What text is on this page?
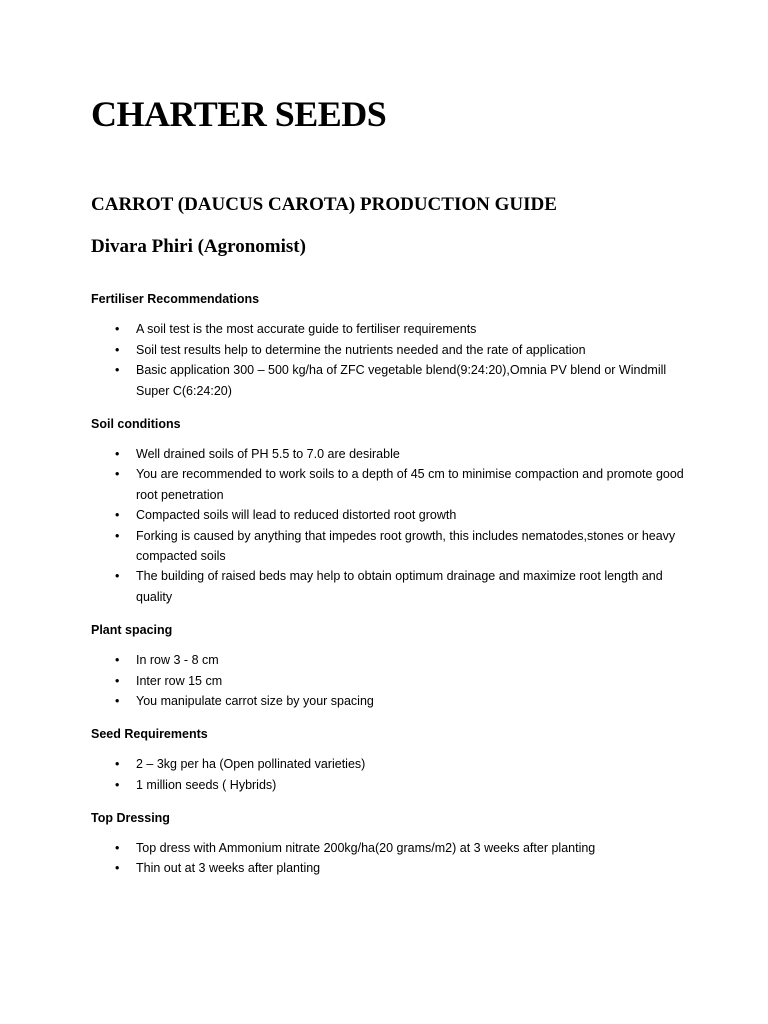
CHARTER SEEDS
CARROT (DAUCUS CAROTA) PRODUCTION GUIDE
Divara Phiri (Agronomist)

Fertiliser Recommendations

• A soil test is the most accurate guide to fertiliser requirements
• Soil test results help to determine the nutrients needed and the rate of application
• Basic application 300 – 500 kg/ha of ZFC vegetable blend(9:24:20),Omnia PV blend or Windmill Super C(6:24:20)

Soil conditions

• Well drained soils of PH 5.5 to 7.0 are desirable
• You are recommended to work soils to a depth of 45 cm to minimise compaction and promote good root penetration
• Compacted soils will lead to reduced distorted root growth
• Forking is caused by anything that impedes root growth, this includes nematodes,stones or heavy compacted soils
• The building of raised beds may help to obtain optimum drainage and maximize root length and quality

Plant spacing

• In row 3 - 8 cm
• Inter row 15 cm
• You manipulate carrot size by your spacing

Seed Requirements

• 2 – 3kg per ha (Open pollinated varieties)
• 1 million seeds ( Hybrids)

Top Dressing

• Top dress with Ammonium nitrate 200kg/ha(20 grams/m2) at 3 weeks after planting
• Thin out at 3 weeks after planting
